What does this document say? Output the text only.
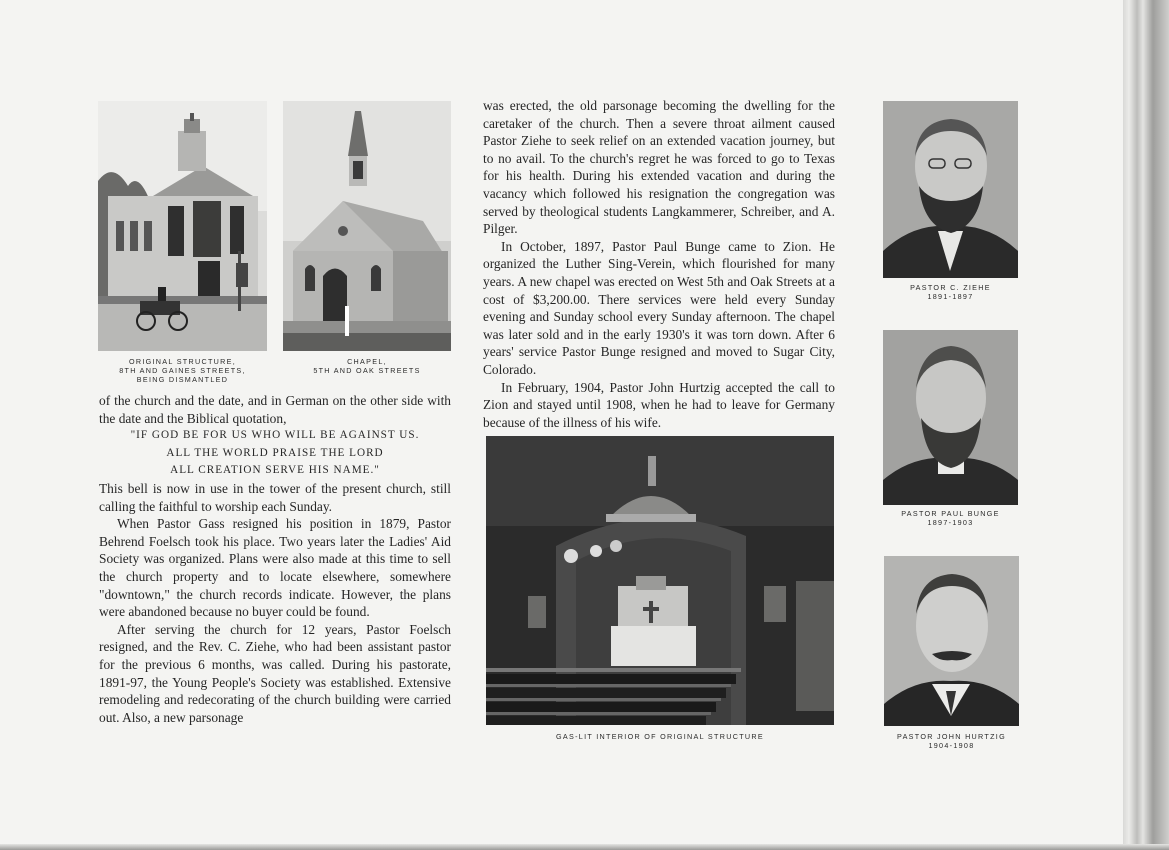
ORIGINAL STRUCTURE,
8TH AND GAINES STREETS,
BEING DISMANTLED
CHAPEL,
5TH AND OAK STREETS

of the church and the date, and in German on the other side with the date and the Biblical quotation,

"IF GOD BE FOR US WHO WILL BE AGAINST US.
ALL THE WORLD PRAISE THE LORD
ALL CREATION SERVE HIS NAME."

This bell is now in use in the tower of the present church, still calling the faithful to worship each Sunday.

When Pastor Gass resigned his position in 1879, Pastor Behrend Foelsch took his place. Two years later the Ladies' Aid Society was organized. Plans were also made at this time to sell the church property and to locate elsewhere, somewhere "downtown," the church records indicate. However, the plans were abandoned because no buyer could be found.

After serving the church for 12 years, Pastor Foelsch resigned, and the Rev. C. Ziehe, who had been assistant pastor for the previous 6 months, was called. During his pastorate, 1891-97, the Young People's Society was established. Extensive remodeling and redecorating of the church building were carried out. Also, a new parsonage

was erected, the old parsonage becoming the dwelling for the caretaker of the church. Then a severe throat ailment caused Pastor Ziehe to seek relief on an extended vacation journey, but to no avail. To the church's regret he was forced to go to Texas for his health. During his extended vacation and during the vacancy which followed his resignation the congregation was served by theological students Langkammerer, Schreiber, and A. Pilger.

In October, 1897, Pastor Paul Bunge came to Zion. He organized the Luther Sing-Verein, which flourished for many years. A new chapel was erected on West 5th and Oak Streets at a cost of $3,200.00. There services were held every Sunday evening and Sunday school every Sunday afternoon. The chapel was later sold and in the early 1930's it was torn down. After 6 years' service Pastor Bunge resigned and moved to Sugar City, Colorado.

In February, 1904, Pastor John Hurtzig accepted the call to Zion and stayed until 1908, when he had to leave for Germany because of the illness of his wife.

GAS-LIT INTERIOR OF ORIGINAL STRUCTURE
PASTOR C. ZIEHE
1891-1897
PASTOR PAUL BUNGE
1897-1903
PASTOR JOHN HURTZIG
1904-1908
